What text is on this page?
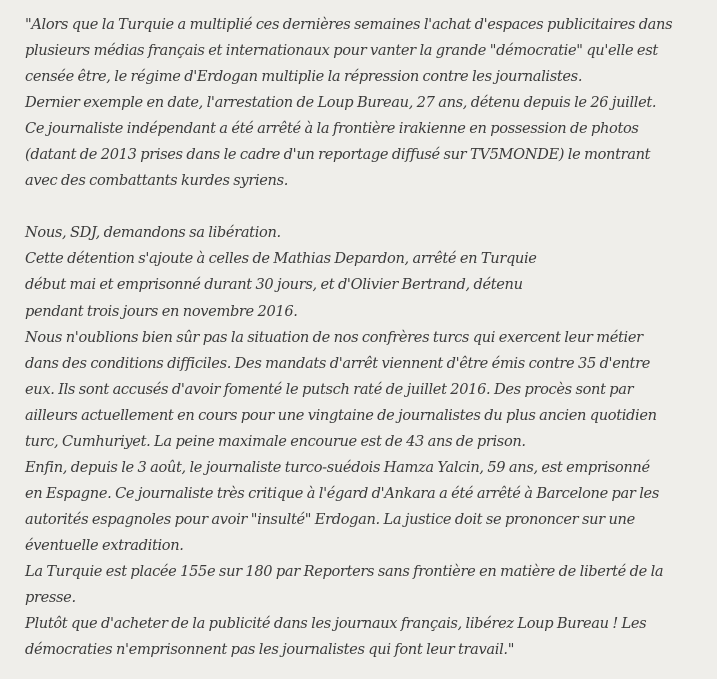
"Alors que la Turquie a multiplié ces dernières semaines l'achat d'espaces publicitaires dans
plusieurs médias français et internationaux pour vanter la grande "démocratie" qu'elle est
censée être, le régime d'Erdogan multiplie la répression contre les journalistes.
Dernier exemple en date, l'arrestation de Loup Bureau, 27 ans, détenu depuis le 26 juillet.
Ce journaliste indépendant a été arrêté à la frontière irakienne en possession de photos
(datant de 2013 prises dans le cadre d'un reportage diffusé sur TV5MONDE) le montrant
avec des combattants kurdes syriens.
Nous, SDJ, demandons sa libération.
Cette détention s'ajoute à celles de Mathias Depardon, arrêté en Turquie
début mai et emprisonné durant 30 jours, et d'Olivier Bertrand, détenu
pendant trois jours en novembre 2016.
Nous n'oublions bien sûr pas la situation de nos confrères turcs qui exercent leur métier
dans des conditions difficiles. Des mandats d'arrêt viennent d'être émis contre 35 d'entre
eux. Ils sont accusés d'avoir fomenté le putsch raté de juillet 2016. Des procès sont par
ailleurs actuellement en cours pour une vingtaine de journalistes du plus ancien quotidien
turc, Cumhuriyet. La peine maximale encourue est de 43 ans de prison.
Enfin, depuis le 3 août, le journaliste turco-suédois Hamza Yalcin, 59 ans, est emprisonné
en Espagne. Ce journaliste très critique à l'égard d'Ankara a été arrêté à Barcelone par les
autorités espagnoles pour avoir "insulté" Erdogan. La justice doit se prononcer sur une
éventuelle extradition.
La Turquie est placée 155e sur 180 par Reporters sans frontière en matière de liberté de la
presse.
Plutôt que d'acheter de la publicité dans les journaux français, libérez Loup Bureau ! Les
démocraties n'emprisonnent pas les journalistes qui font leur travail."
